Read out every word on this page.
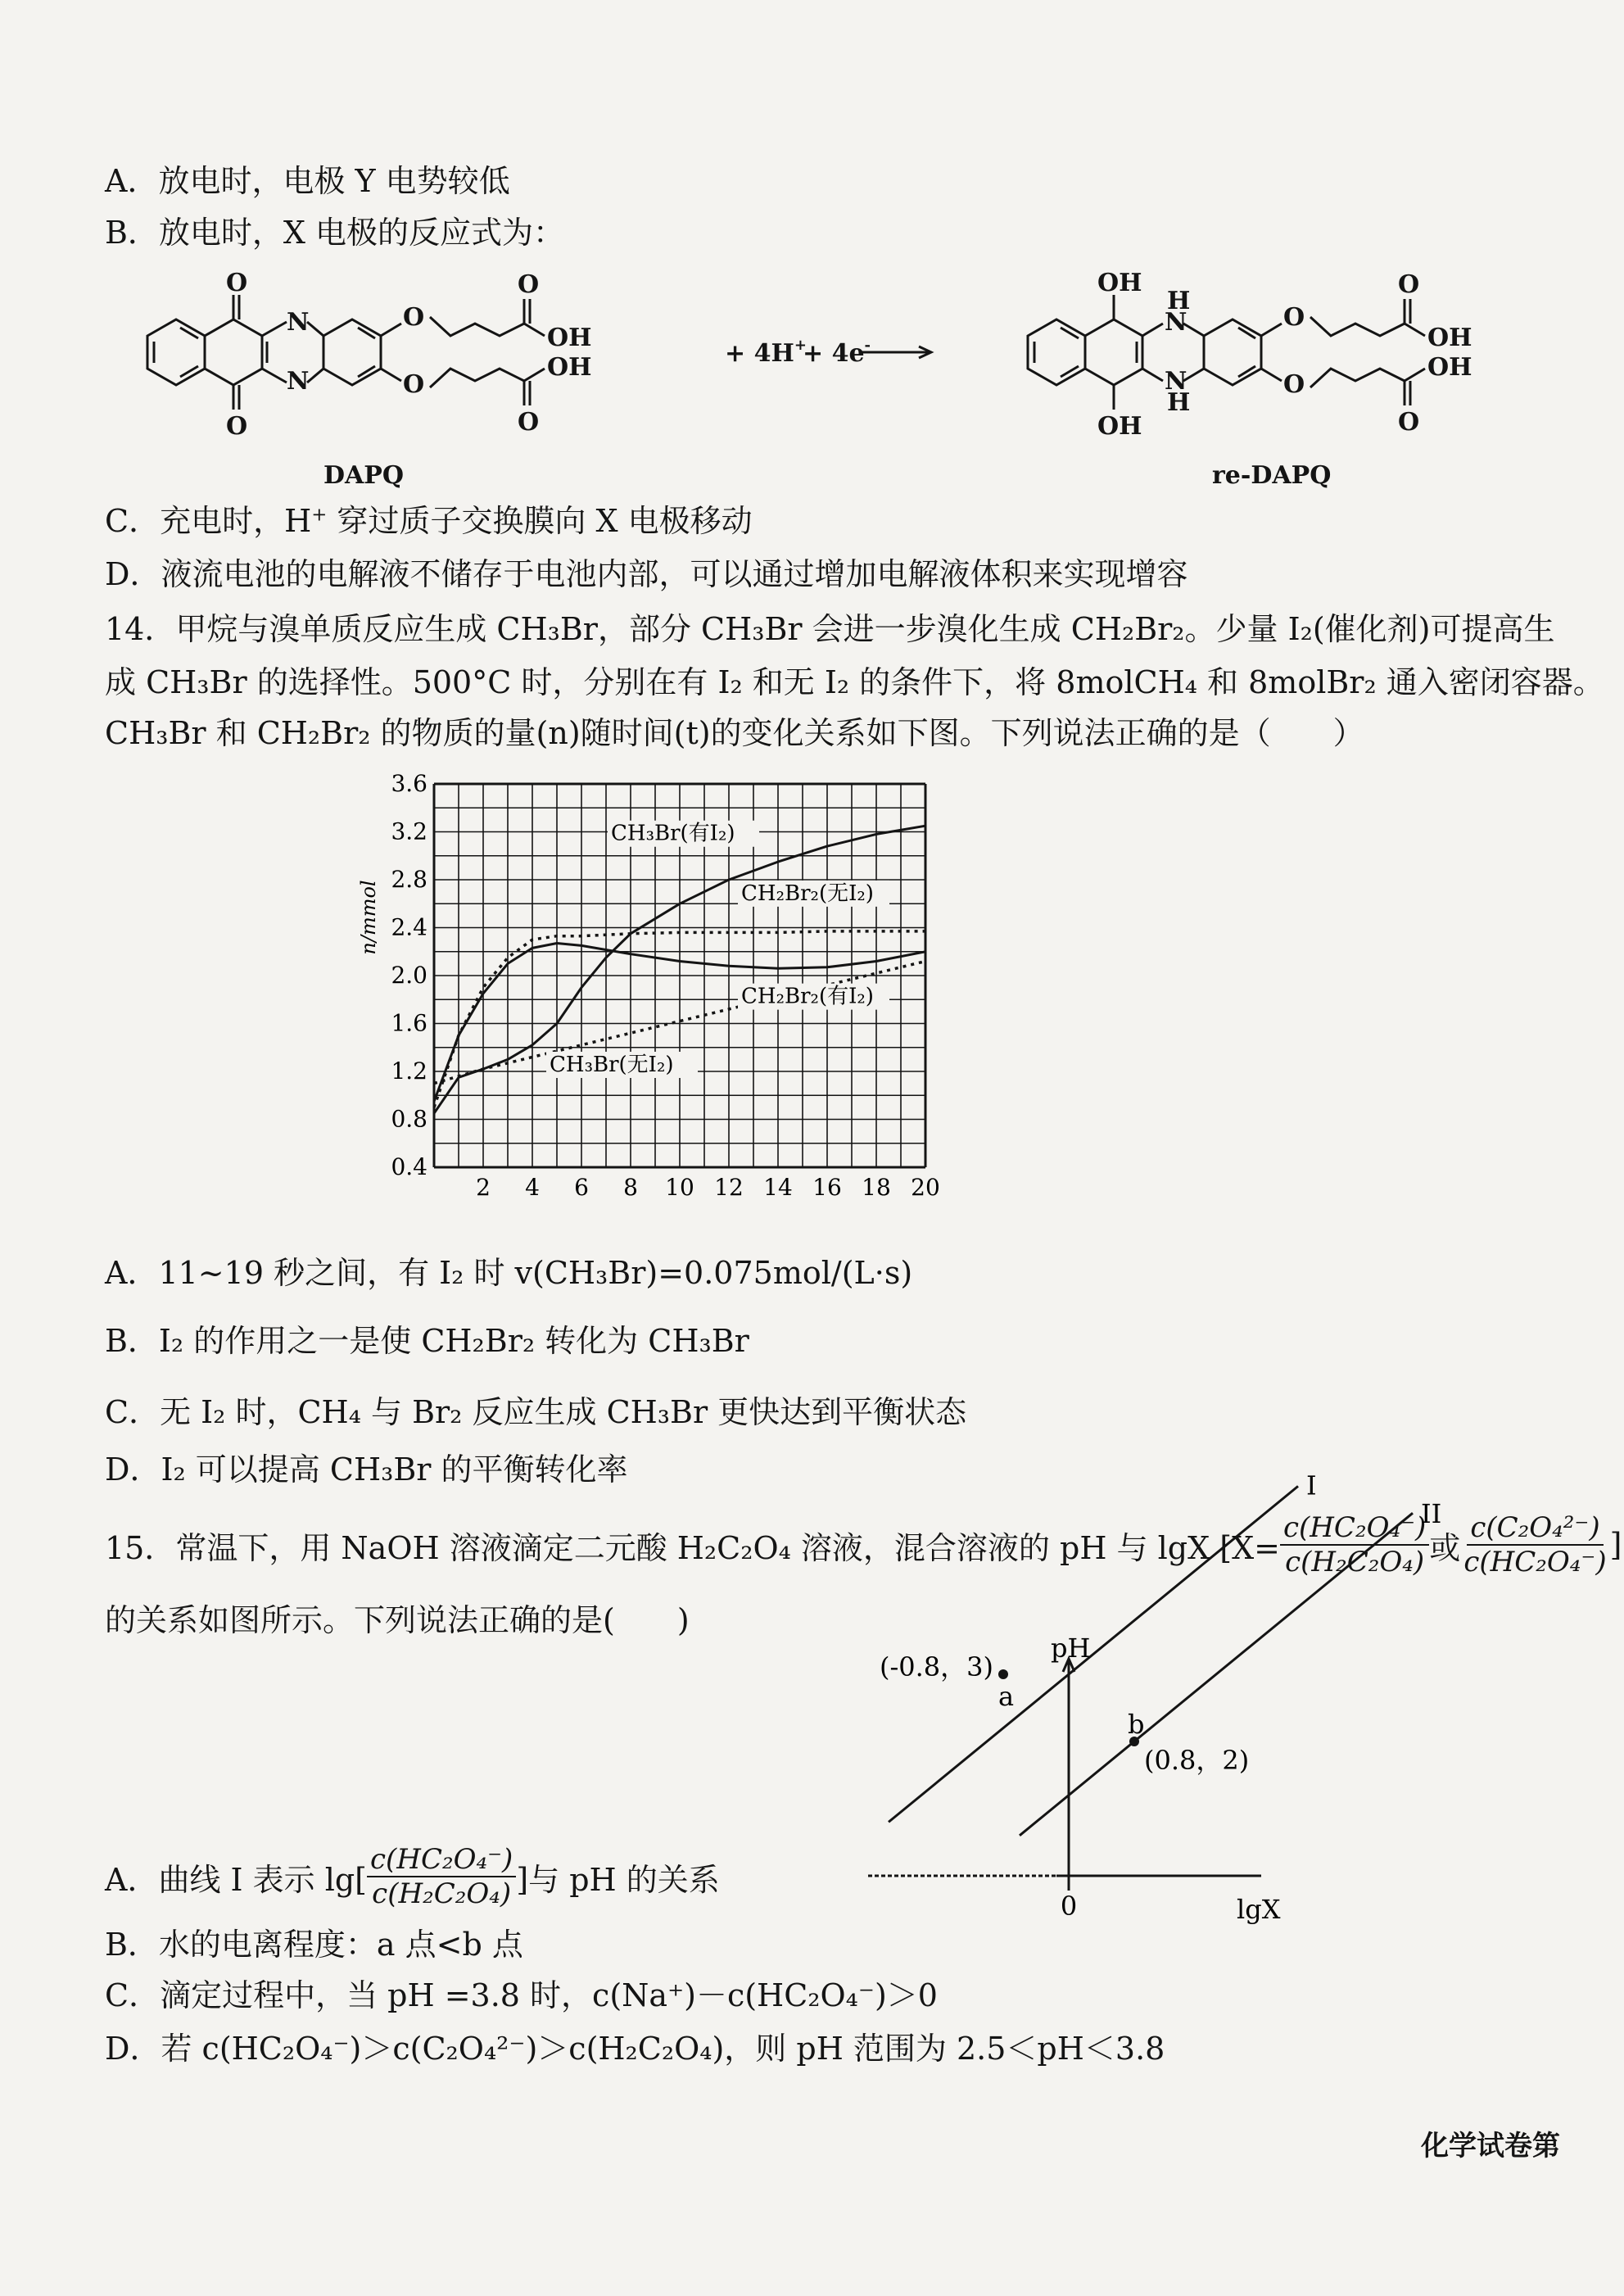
A．放电时，电极 Y 电势较低
B．放电时，X 电极的反应式为：
O
O
N
N
O
O
O
OH
OH
O
DAPQ
+ 4H+
+ 4e-
OH
OH
N
H
N
H
O
O
O
OH
OH
O
re-DAPQ
C．充电时，H+ 穿过质子交换膜向 X 电极移动
D．液流电池的电解液不储存于电池内部，可以通过增加电解液体积来实现增容
14．甲烷与溴单质反应生成 CH₃Br，部分 CH₃Br 会进一步溴化生成 CH₂Br₂。少量 I₂(催化剂)可提高生
成 CH₃Br 的选择性。500°C 时，分别在有 I₂ 和无 I₂ 的条件下，将 8molCH₄ 和 8molBr₂ 通入密闭容器。
CH₃Br 和 CH₂Br₂ 的物质的量(n)随时间(t)的变化关系如下图。下列说法正确的是（　　）
2 4 6 8 10 12 14 16 18 20
0.4
0.8
1.2
1.6
2.0
2.4
2.8
3.2
3.6
n/mmol
CH₃Br(有I₂)
CH₂Br₂(无I₂)
CH₂Br₂(有I₂)
CH₃Br(无I₂)
A．11~19 秒之间，有 I₂ 时 v(CH₃Br)=0.075mol/(L·s)
B．I₂ 的作用之一是使 CH₂Br₂ 转化为 CH₃Br
C．无 I₂ 时，CH₄ 与 Br₂ 反应生成 CH₃Br 更快达到平衡状态
D．I₂ 可以提高 CH₃Br 的平衡转化率
15．常温下，用 NaOH 溶液滴定二元酸 H₂C₂O₄ 溶液，混合溶液的 pH 与 lgX [$X= \frac{\text{c(HC₂O₄⁻)}}{\text{c(H₂C₂O₄)}}$ 或 $\frac{\text{c(C₂O₄²⁻)}}{\text{c(HC₂O₄⁻)}}$ ]
的关系如图所示。下列说法正确的是(　　)
pH
lgX
0
I
II
(-0.8，3)
a
b
(0.8，2)
A．曲线 I 表示 $\lg[ \frac{\text{c(HC₂O₄⁻)}}{\text{c(H₂C₂O₄)}}$ ]与 pH 的关系
B．水的电离程度：a 点<b 点
C．滴定过程中，当 pH =3.8 时，c(Na⁺)－c(HC₂O₄⁻)＞0
D．若 c(HC₂O₄⁻)＞c(C₂O₄²⁻)＞c(H₂C₂O₄)，则 pH 范围为 2.5＜pH＜3.8
化学试卷第
